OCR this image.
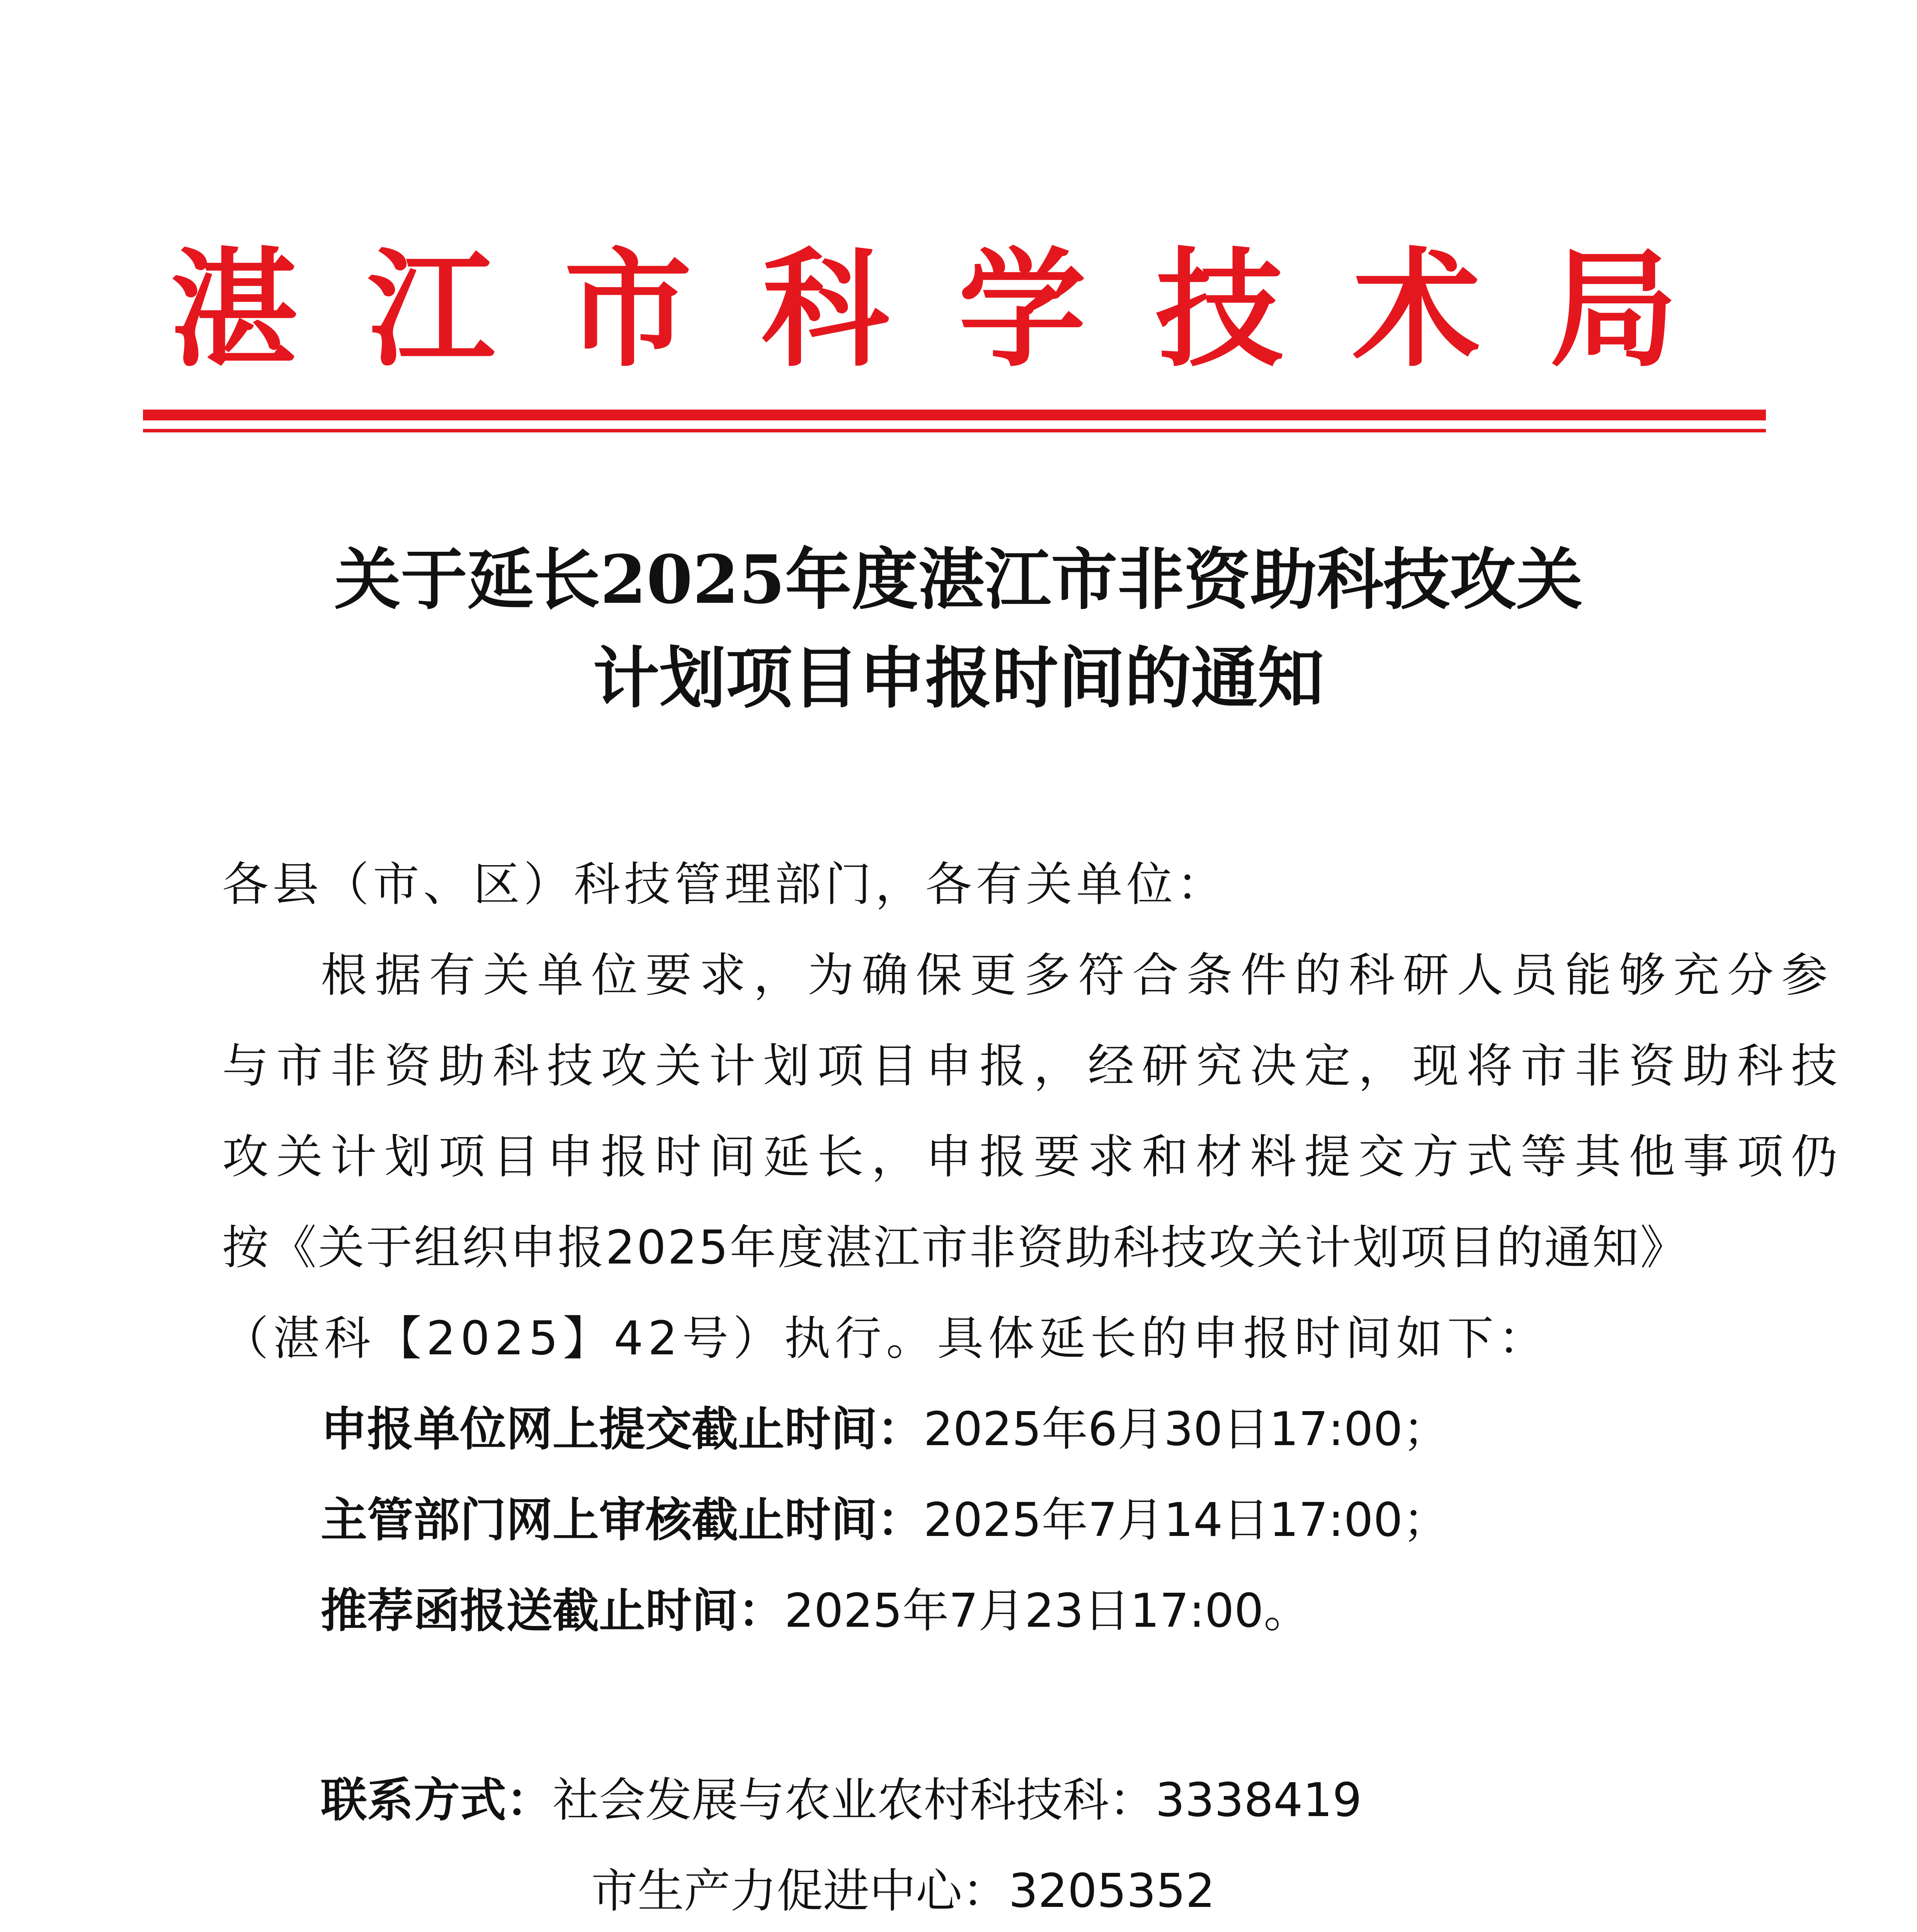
湛江市科学技术局
关于延长2025年度湛江市非资助科技攻关
计划项目申报时间的通知
各县（市、区）科技管理部门，各有关单位：
根据有关单位要求，为确保更多符合条件的科研人员能够充分参
与市非资助科技攻关计划项目申报，经研究决定，现将市非资助科技
攻关计划项目申报时间延长，申报要求和材料提交方式等其他事项仍
按《关于组织申报2025年度湛江市非资助科技攻关计划项目的通知》
（湛科【2025】42号）执行。具体延长的申报时间如下：
申报单位网上提交截止时间：2025年6月30日17:00；
主管部门网上审核截止时间：2025年7月14日17:00；
推荐函报送截止时间：2025年7月23日17:00。
联系方式：社会发展与农业农村科技科：3338419
市生产力促进中心：3205352
